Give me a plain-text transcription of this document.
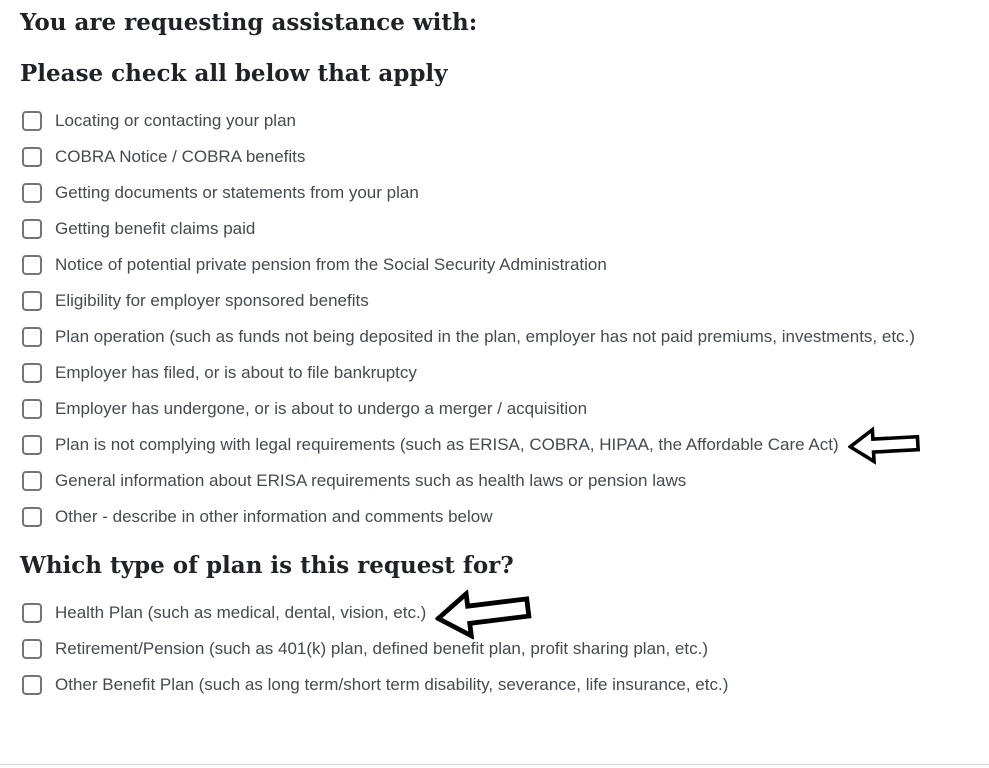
You are requesting assistance with:
Please check all below that apply
Locating or contacting your plan
COBRA Notice / COBRA benefits
Getting documents or statements from your plan
Getting benefit claims paid
Notice of potential private pension from the Social Security Administration
Eligibility for employer sponsored benefits
Plan operation (such as funds not being deposited in the plan, employer has not paid premiums, investments, etc.)
Employer has filed, or is about to file bankruptcy
Employer has undergone, or is about to undergo a merger / acquisition
Plan is not complying with legal requirements (such as ERISA, COBRA, HIPAA, the Affordable Care Act)
General information about ERISA requirements such as health laws or pension laws
Other - describe in other information and comments below
Which type of plan is this request for?
Health Plan (such as medical, dental, vision, etc.)
Retirement/Pension (such as 401(k) plan, defined benefit plan, profit sharing plan, etc.)
Other Benefit Plan (such as long term/short term disability, severance, life insurance, etc.)
